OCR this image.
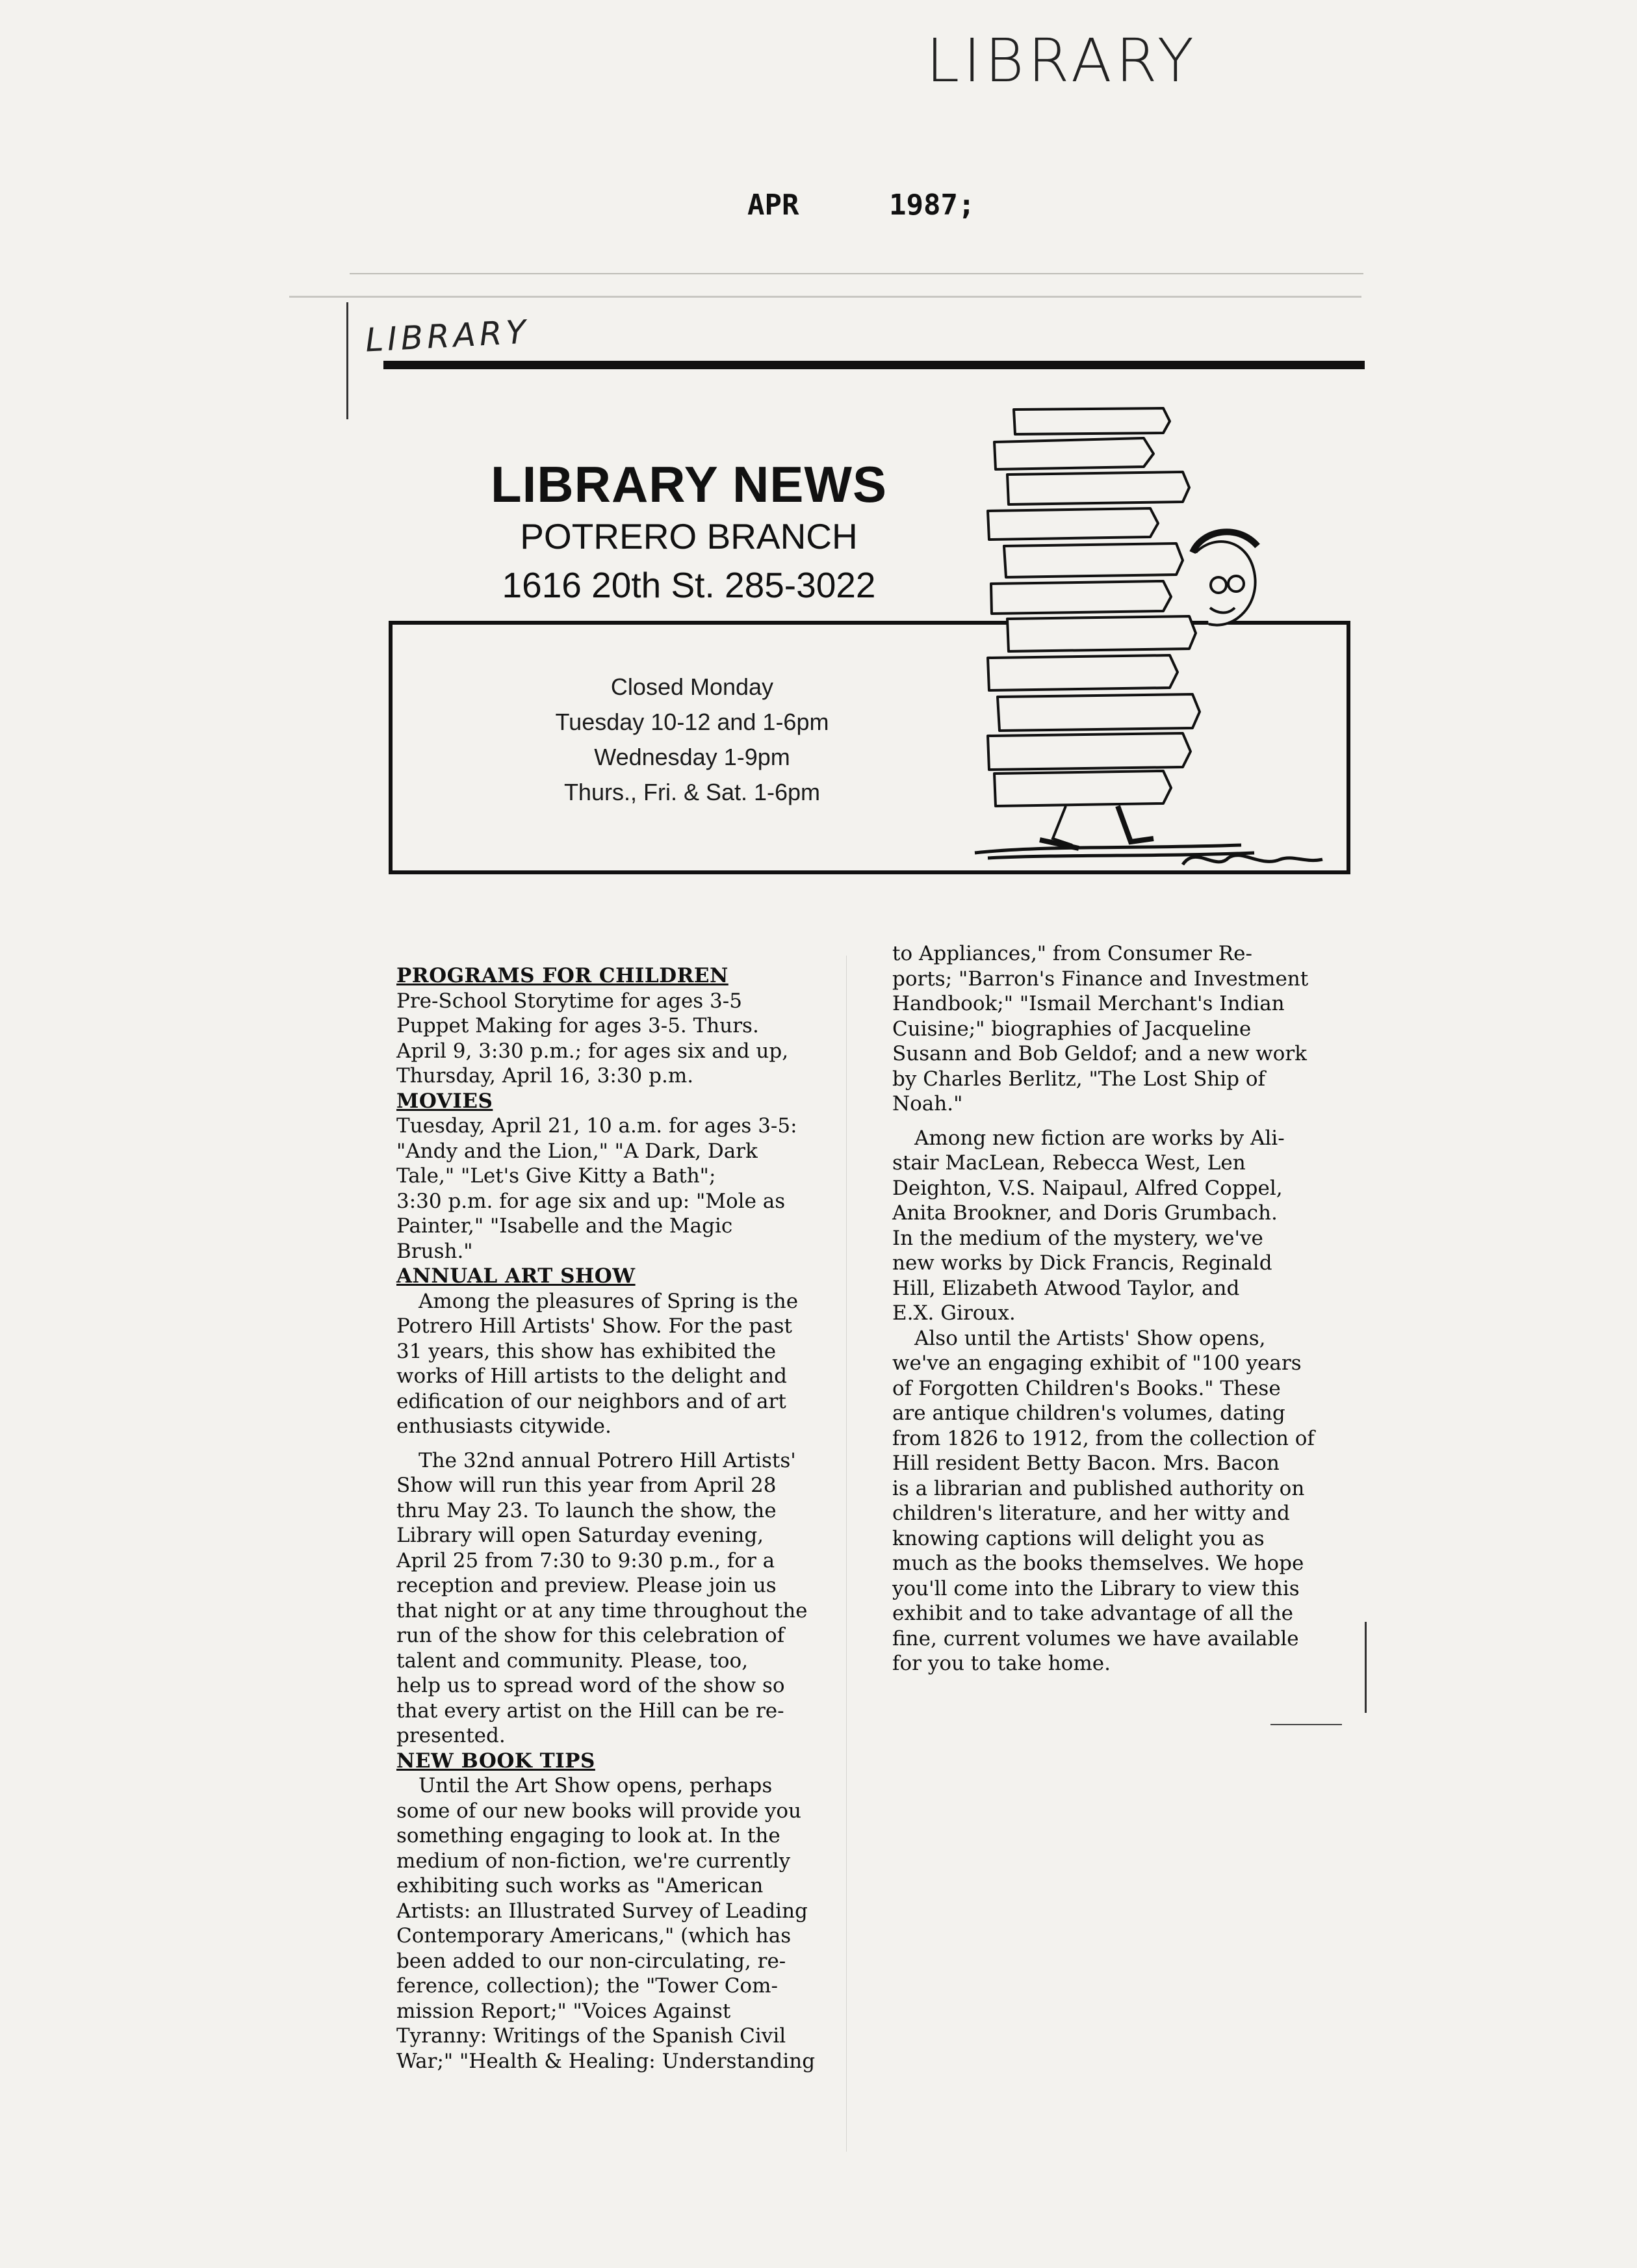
LIBRARY
APR	1987;
LIBRARY
LIBRARY NEWS
POTRERO BRANCH
1616 20th St. 285-3022
Closed Monday
Tuesday 10-12 and 1-6pm
Wednesday 1-9pm
Thurs., Fri. & Sat. 1-6pm

PROGRAMS FOR CHILDREN

Pre-School Storytime for ages 3-5

Puppet Making for ages 3-5. Thurs.

April 9, 3:30 p.m.; for ages six and up,

Thursday, April 16, 3:30 p.m.

MOVIES

Tuesday, April 21, 10 a.m. for ages 3-5:

"Andy and the Lion," "A Dark, Dark

Tale," "Let's Give Kitty a Bath";

3:30 p.m. for age six and up: "Mole as

Painter," "Isabelle and the Magic

Brush."

ANNUAL ART SHOW

Among the pleasures of Spring is the

Potrero Hill Artists' Show. For the past

31 years, this show has exhibited the

works of Hill artists to the delight and

edification of our neighbors and of art

enthusiasts citywide.

The 32nd annual Potrero Hill Artists'

Show will run this year from April 28

thru May 23. To launch the show, the

Library will open Saturday evening,

April 25 from 7:30 to 9:30 p.m., for a

reception and preview. Please join us

that night or at any time throughout the

run of the show for this celebration of

talent and community. Please, too,

help us to spread word of the show so

that every artist on the Hill can be re-

presented.

NEW BOOK TIPS

Until the Art Show opens, perhaps

some of our new books will provide you

something engaging to look at. In the

medium of non-fiction, we're currently

exhibiting such works as "American

Artists: an Illustrated Survey of Leading

Contemporary Americans," (which has

been added to our non-circulating, re-

ference, collection); the "Tower Com-

mission Report;" "Voices Against

Tyranny: Writings of the Spanish Civil

War;" "Health & Healing: Understanding

to Appliances," from Consumer Re-

ports; "Barron's Finance and Investment

Handbook;" "Ismail Merchant's Indian

Cuisine;" biographies of Jacqueline

Susann and Bob Geldof; and a new work

by Charles Berlitz, "The Lost Ship of

Noah."

Among new fiction are works by Ali-

stair MacLean, Rebecca West, Len

Deighton, V.S. Naipaul, Alfred Coppel,

Anita Brookner, and Doris Grumbach.

In the medium of the mystery, we've

new works by Dick Francis, Reginald

Hill, Elizabeth Atwood Taylor, and

E.X. Giroux.

Also until the Artists' Show opens,

we've an engaging exhibit of "100 years

of Forgotten Children's Books." These

are antique children's volumes, dating

from 1826 to 1912, from the collection of

Hill resident Betty Bacon. Mrs. Bacon

is a librarian and published authority on

children's literature, and her witty and

knowing captions will delight you as

much as the books themselves. We hope

you'll come into the Library to view this

exhibit and to take advantage of all the

fine, current volumes we have available

for you to take home.
